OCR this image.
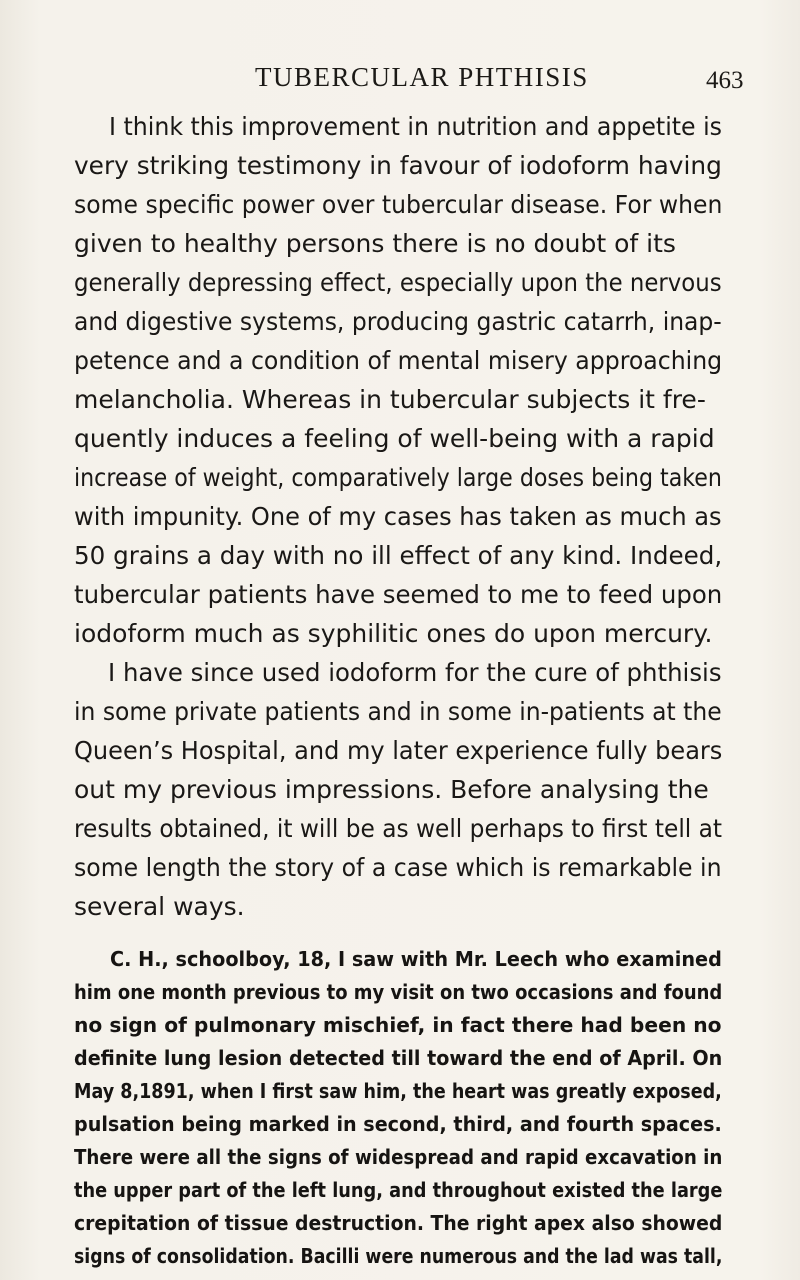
TUBERCULAR PHTHISIS	463
I think this improvement in nutrition and appetite is
very striking testimony in favour of iodoform having
some specific power over tubercular disease. For when
given to healthy persons there is no doubt of its
generally depressing effect, especially upon the nervous
and digestive systems, producing gastric catarrh, inap-
petence and a condition of mental misery approaching
melancholia. Whereas in tubercular subjects it fre-
quently induces a feeling of well-being with a rapid
increase of weight, comparatively large doses being taken
with impunity. One of my cases has taken as much as
50 grains a day with no ill effect of any kind. Indeed,
tubercular patients have seemed to me to feed upon
iodoform much as syphilitic ones do upon mercury.
I have since used iodoform for the cure of phthisis
in some private patients and in some in-patients at the
Queen’s Hospital, and my later experience fully bears
out my previous impressions. Before analysing the
results obtained, it will be as well perhaps to first tell at
some length the story of a case which is remarkable in
several ways.
C. H., schoolboy, 18, I saw with Mr. Leech who examined
him one month previous to my visit on two occasions and found
no sign of pulmonary mischief, in fact there had been no
definite lung lesion detected till toward the end of April. On
May 8,1891, when I first saw him, the heart was greatly exposed,
pulsation being marked in second, third, and fourth spaces.
There were all the signs of widespread and rapid excavation in
the upper part of the left lung, and throughout existed the large
crepitation of tissue destruction. The right apex also showed
signs of consolidation. Bacilli were numerous and the lad was tall,
